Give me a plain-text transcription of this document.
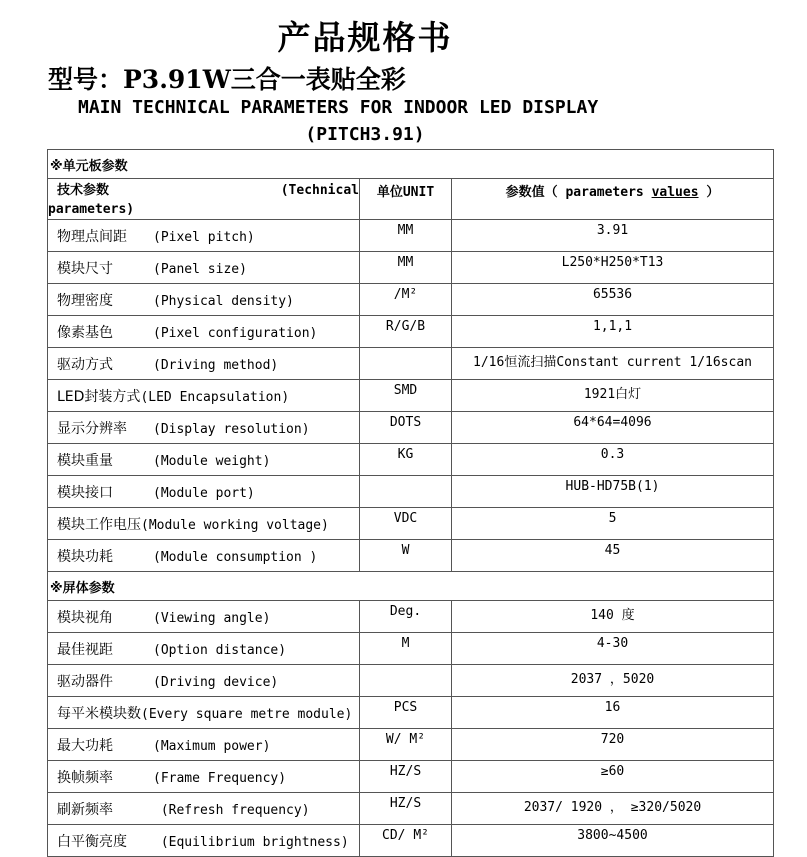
产品规格书
型号：P3.91W三合一表贴全彩
MAIN TECHNICAL PARAMETERS FOR INDOOR LED DISPLAY
(PITCH3.91)
※单元板参数		

技术参数 (Technical
parameters)	单位UNIT	参数值（ parameters values ）

物理点间距 (Pixel pitch)	MM	3.91
模块尺寸 (Panel size)	MM	L250*H250*T13
物理密度 (Physical density)	/M²	65536
像素基色 (Pixel configuration)	R/G/B	1,1,1
驱动方式 (Driving method)		1/16恒流扫描Constant current 1/16scan
LED封装方式(LED Encapsulation)	SMD	1921白灯
显示分辨率 (Display resolution)	DOTS	64*64=4096
模块重量 (Module weight)	KG	0.3
模块接口 (Module port)		HUB-HD75B(1)
模块工作电压(Module working voltage)	VDC	5
模块功耗 (Module consumption )	W	45
※屏体参数		
模块视角 (Viewing angle)	Deg.	140 度
最佳视距 (Option distance)	M	4-30
驱动器件 (Driving device)		2037 ，5020
每平米模块数(Every square metre module)	PCS	16
最大功耗 (Maximum power)	W/ M²	720
换帧频率 (Frame Frequency)	HZ/S	≥60
刷新频率 (Refresh frequency)	HZ/S	2037/ 1920 ， ≥320/5020
白平衡亮度 (Equilibrium brightness)	CD/ M²	3800~4500
